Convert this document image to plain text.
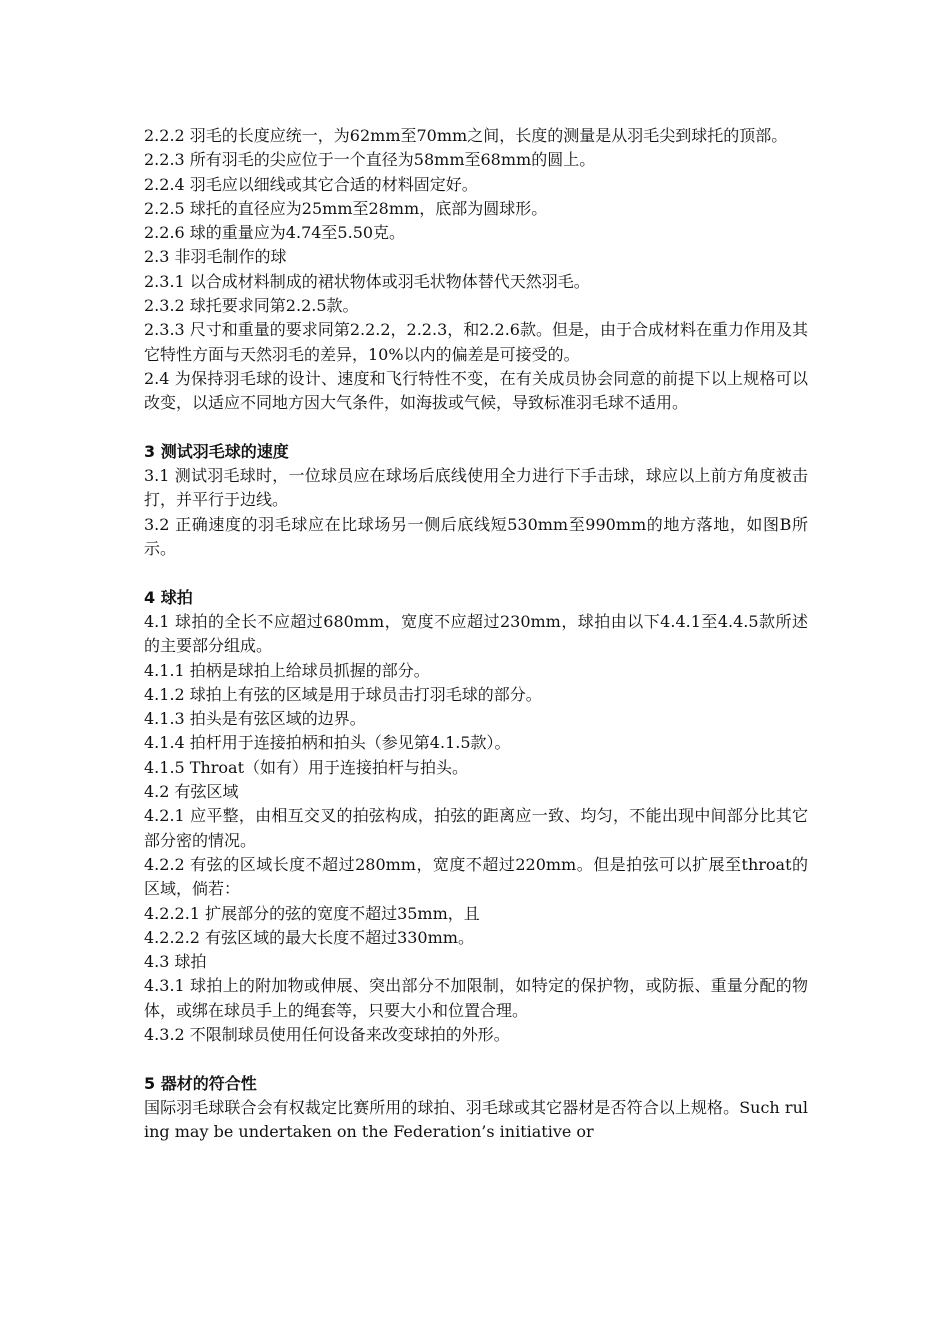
2.2.2 羽毛的长度应统一，为62mm至70mm之间，长度的测量是从羽毛尖到球托的顶部。

2.2.3 所有羽毛的尖应位于一个直径为58mm至68mm的圆上。

2.2.4 羽毛应以细线或其它合适的材料固定好。

2.2.5 球托的直径应为25mm至28mm，底部为圆球形。

2.2.6 球的重量应为4.74至5.50克。

2.3 非羽毛制作的球

2.3.1 以合成材料制成的裙状物体或羽毛状物体替代天然羽毛。

2.3.2 球托要求同第2.2.5款。

2.3.3 尺寸和重量的要求同第2.2.2，2.2.3，和2.2.6款。但是，由于合成材料在重力作用及其它特性方面与天然羽毛的差异，10%以内的偏差是可接受的。

2.4 为保持羽毛球的设计、速度和飞行特性不变，在有关成员协会同意的前提下以上规格可以改变，以适应不同地方因大气条件，如海拔或气候，导致标准羽毛球不适用。

3 测试羽毛球的速度

3.1 测试羽毛球时，一位球员应在球场后底线使用全力进行下手击球，球应以上前方角度被击打，并平行于边线。

3.2 正确速度的羽毛球应在比球场另一侧后底线短530mm至990mm的地方落地，如图B所示。

4 球拍

4.1 球拍的全长不应超过680mm，宽度不应超过230mm，球拍由以下4.4.1至4.4.5款所述的主要部分组成。

4.1.1 拍柄是球拍上给球员抓握的部分。

4.1.2 球拍上有弦的区域是用于球员击打羽毛球的部分。

4.1.3 拍头是有弦区域的边界。

4.1.4 拍杆用于连接拍柄和拍头（参见第4.1.5款）。

4.1.5 Throat（如有）用于连接拍杆与拍头。

4.2 有弦区域

4.2.1 应平整，由相互交叉的拍弦构成，拍弦的距离应一致、均匀，不能出现中间部分比其它部分密的情况。

4.2.2 有弦的区域长度不超过280mm，宽度不超过220mm。但是拍弦可以扩展至throat的区域，倘若：

4.2.2.1 扩展部分的弦的宽度不超过35mm，且

4.2.2.2 有弦区域的最大长度不超过330mm。

4.3 球拍

4.3.1 球拍上的附加物或伸展、突出部分不加限制，如特定的保护物，或防振、重量分配的物体，或绑在球员手上的绳套等，只要大小和位置合理。

4.3.2 不限制球员使用任何设备来改变球拍的外形。

5 器材的符合性

国际羽毛球联合会有权裁定比赛所用的球拍、羽毛球或其它器材是否符合以上规格。Such ruling may be undertaken on the Federation’s initiative or
